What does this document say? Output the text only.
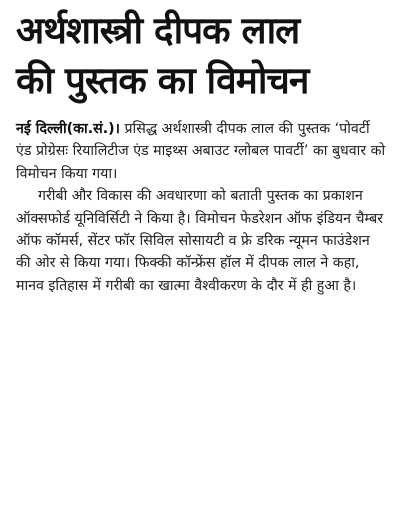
अर्थशास्त्री दीपक लाल
की पुस्तक का विमोचन

नई दिल्ली(का.सं.)। प्रसिद्ध अर्थशास्त्री दीपक लाल की पुस्तक ‘पोवर्टी एंड प्रोग्रेसः रियालिटीज एंड माइथ्स अबाउट ग्लोबल पावर्टी’ का बुधवार को विमोचन किया गया।

गरीबी और विकास की अवधारणा को बताती पुस्तक का प्रकाशन ऑक्सफोर्ड यूनिविर्सिटी ने किया है। विमोचन फेडरेशन ऑफ इंडियन चैम्बर ऑफ कॉमर्स, सेंटर फॉर सिविल सोसायटी व फ्रे डरिक न्यूमन फाउंडेशन की ओर से किया गया। फिक्की कॉन्फ्रेंस हॉल में दीपक लाल ने कहा, मानव इतिहास में गरीबी का खात्मा वैश्वीकरण के दौर में ही हुआ है।
